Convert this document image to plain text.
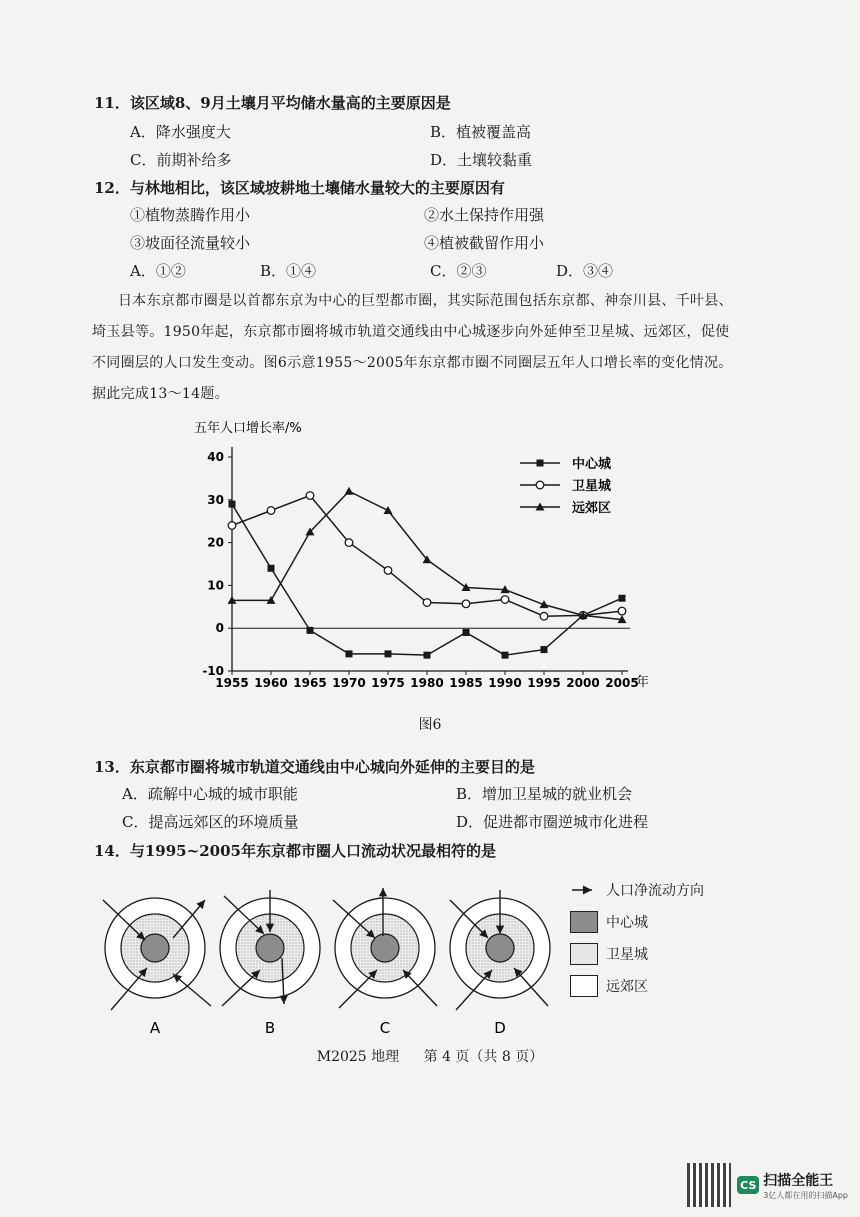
11．该区域8、9月土壤月平均储水量高的主要原因是
A．降水强度大	B．植被覆盖高
C．前期补给多	D．土壤较黏重
12．与林地相比，该区域坡耕地土壤储水量较大的主要原因有
①植物蒸腾作用小	②水土保持作用强
③坡面径流量较小	④植被截留作用小
A．①②	B．①④	C．②③	D．③④
日本东京都市圈是以首都东京为中心的巨型都市圈，其实际范围包括东京都、神奈川县、千叶县、埼玉县等。1950年起，东京都市圈将城市轨道交通线由中心城逐步向外延伸至卫星城、远郊区，促使不同圈层的人口发生变动。图6示意1955～2005年东京都市圈不同圈层五年人口增长率的变化情况。据此完成13～14题。
五年人口增长率/%
-10
0
10
20
30
40
1955 1960 1965 1970 1975 1980 1985 1990 1995 2000 2005
中心城
卫星城
远郊区
年
图6
13．东京都市圈将城市轨道交通线由中心城向外延伸的主要目的是
A．疏解中心城的城市职能	B．增加卫星城的就业机会
C．提高远郊区的环境质量	D．促进都市圈逆城市化进程
14．与1995~2005年东京都市圈人口流动状况最相符的是
A	B	C	D
人口净流动方向
中心城
卫星城
远郊区
M2025 地理 第 4 页（共 8 页）
CS 扫描全能王
3亿人都在用的扫描App
